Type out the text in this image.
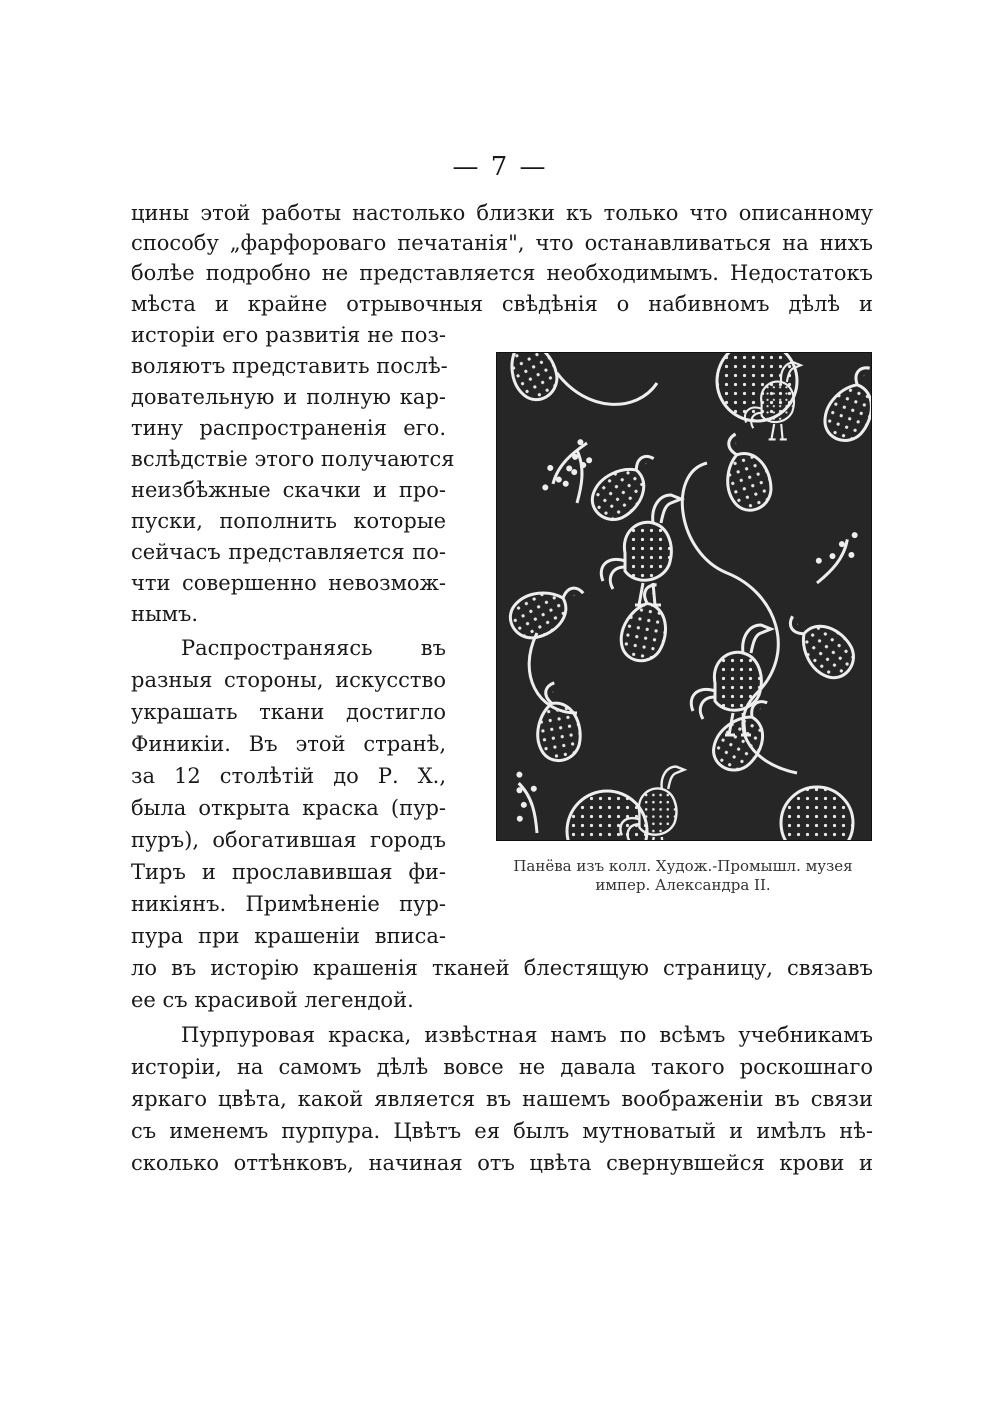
— 7 —
цины этой работы настолько близки къ только что описанному
способу „фарфороваго печатанія", что останавливаться на нихъ
болѣе подробно не представляется необходимымъ. Недостатокъ
мѣста и крайне отрывочныя свѣдѣнія о набивномъ дѣлѣ и
исторіи его развитія не поз-
воляютъ представить послѣ-
довательную и полную кар-
тину распространенія его.
вслѣдствіе этого получаются
неизбѣжные скачки и про-
пуски, пополнить которые
сейчасъ представляется по-
чти совершенно невозмож-
нымъ.
Распространяясь въ
разныя стороны, искусство
украшать ткани достигло
Финикіи. Въ этой странѣ,
за 12 столѣтій до Р. Х.,
была открыта краска (пур-
пуръ), обогатившая городъ
Тиръ и прославившая фи-
никіянъ. Примѣненіе пур-
пура при крашеніи вписа-
ло въ исторію крашенія тканей блестящую страницу, связавъ
ее съ красивой легендой.
Пурпуровая краска, извѣстная намъ по всѣмъ учебникамъ
исторіи, на самомъ дѣлѣ вовсе не давала такого роскошнаго
яркаго цвѣта, какой является въ нашемъ воображеніи въ связи
съ именемъ пурпура. Цвѣтъ ея былъ мутноватый и имѣлъ нѣ-
сколько оттѣнковъ, начиная отъ цвѣта свернувшейся крови и
Панёва изъ колл. Худож.-Промышл. музея
импер. Александра II.
